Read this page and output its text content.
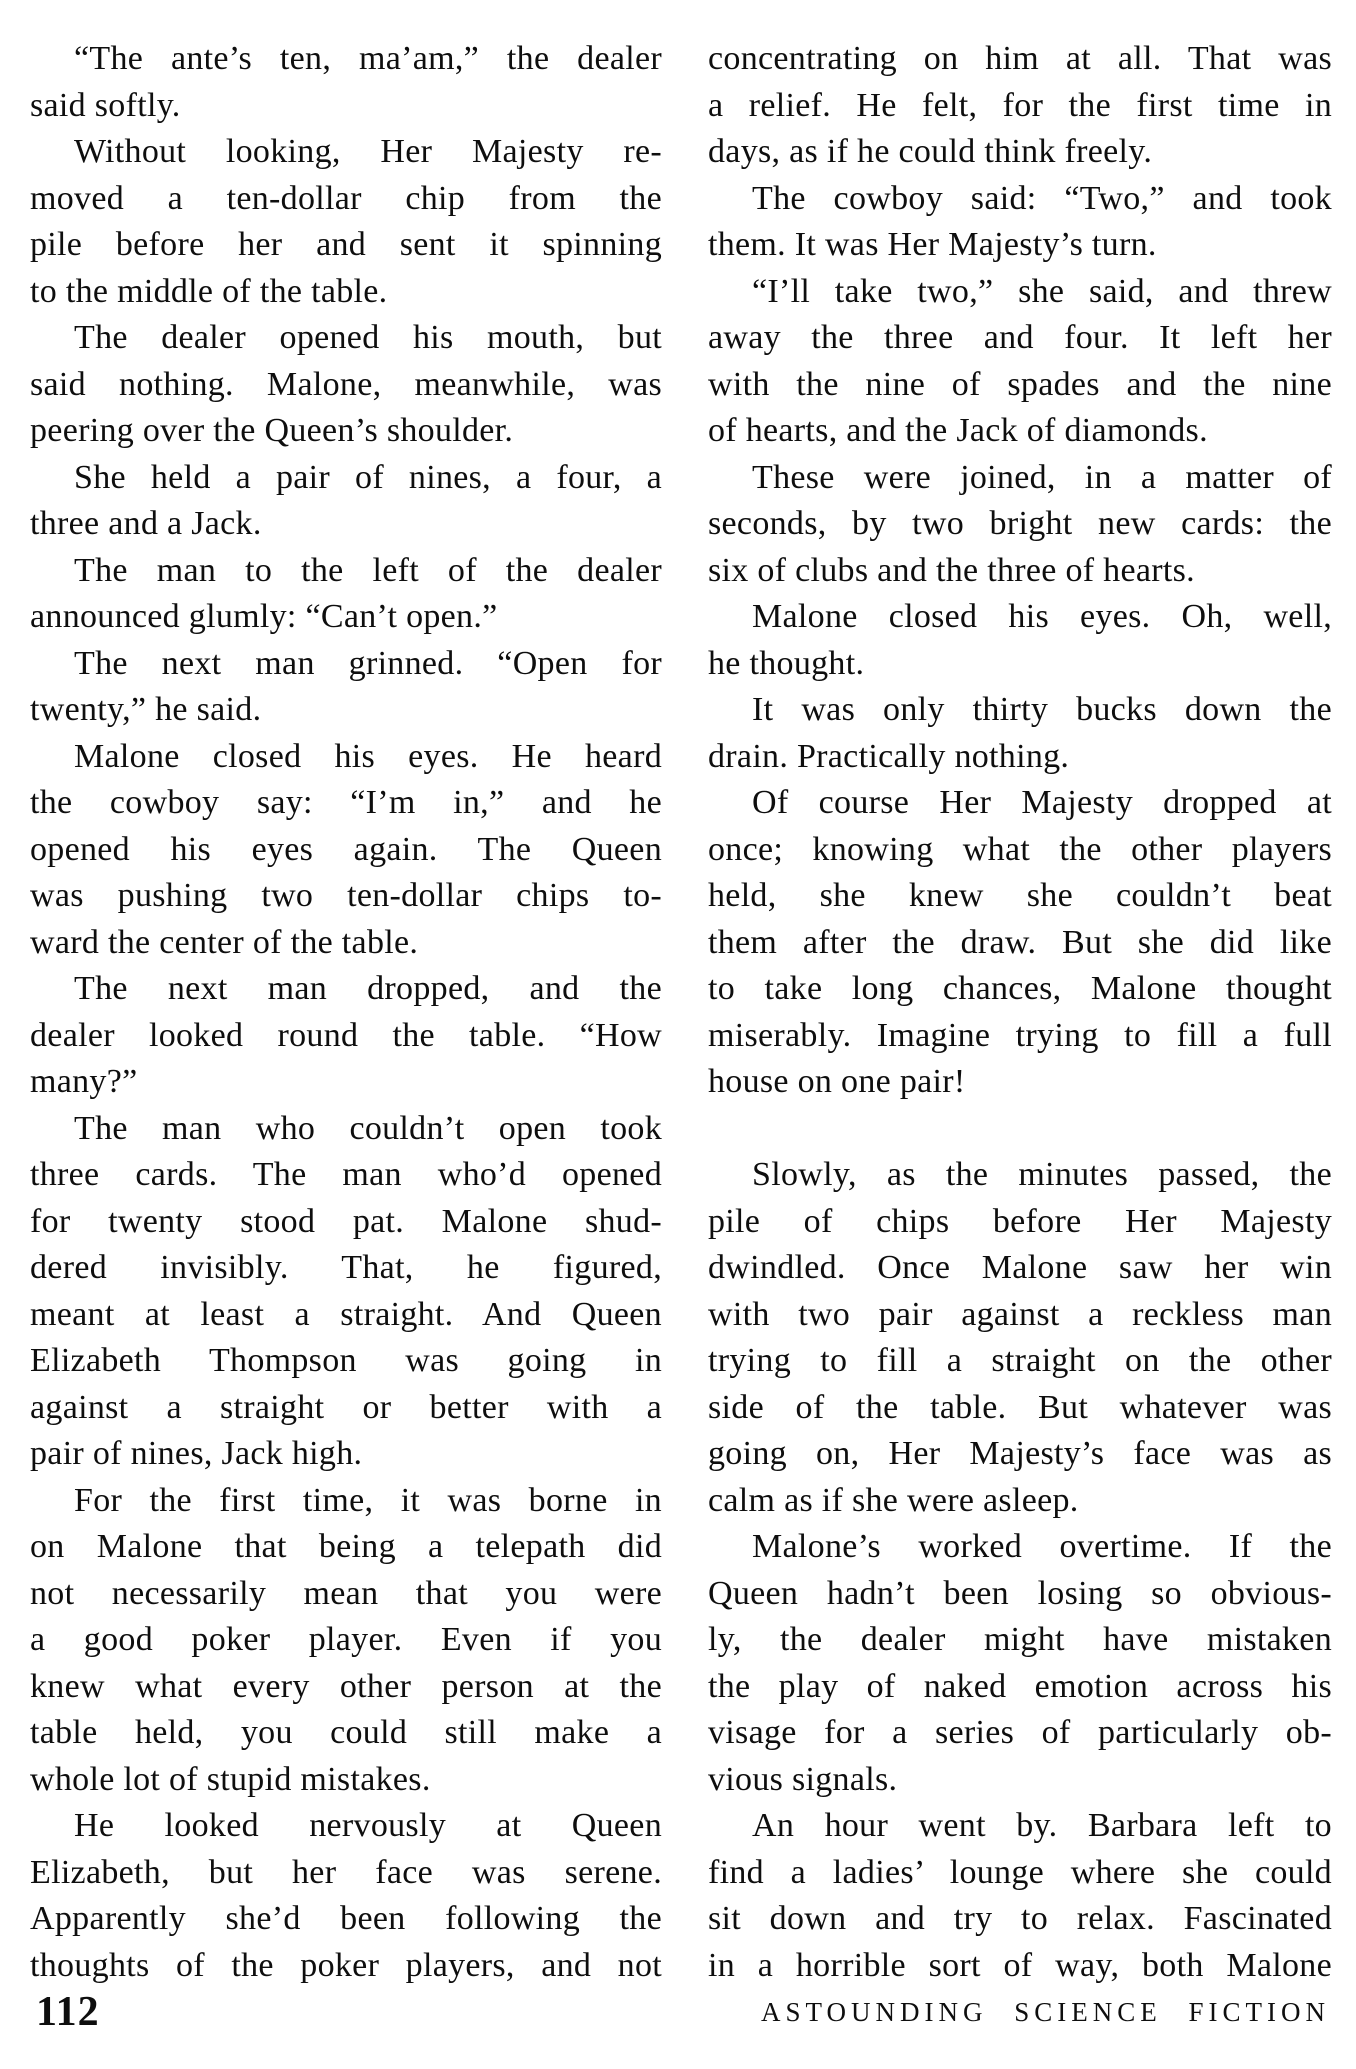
“The ante’s ten, ma’am,” the dealer
said softly.
Without looking, Her Majesty re-
moved a ten-dollar chip from the
pile before her and sent it spinning
to the middle of the table.
The dealer opened his mouth, but
said nothing. Malone, meanwhile, was
peering over the Queen’s shoulder.
She held a pair of nines, a four, a
three and a Jack.
The man to the left of the dealer
announced glumly: “Can’t open.”
The next man grinned. “Open for
twenty,” he said.
Malone closed his eyes. He heard
the cowboy say: “I’m in,” and he
opened his eyes again. The Queen
was pushing two ten-dollar chips to-
ward the center of the table.
The next man dropped, and the
dealer looked round the table. “How
many?”
The man who couldn’t open took
three cards. The man who’d opened
for twenty stood pat. Malone shud-
dered invisibly. That, he figured,
meant at least a straight. And Queen
Elizabeth Thompson was going in
against a straight or better with a
pair of nines, Jack high.
For the first time, it was borne in
on Malone that being a telepath did
not necessarily mean that you were
a good poker player. Even if you
knew what every other person at the
table held, you could still make a
whole lot of stupid mistakes.
He looked nervously at Queen
Elizabeth, but her face was serene.
Apparently she’d been following the
thoughts of the poker players, and not
concentrating on him at all. That was
a relief. He felt, for the first time in
days, as if he could think freely.
The cowboy said: “Two,” and took
them. It was Her Majesty’s turn.
“I’ll take two,” she said, and threw
away the three and four. It left her
with the nine of spades and the nine
of hearts, and the Jack of diamonds.
These were joined, in a matter of
seconds, by two bright new cards: the
six of clubs and the three of hearts.
Malone closed his eyes. Oh, well,
he thought.
It was only thirty bucks down the
drain. Practically nothing.
Of course Her Majesty dropped at
once; knowing what the other players
held, she knew she couldn’t beat
them after the draw. But she did like
to take long chances, Malone thought
miserably. Imagine trying to fill a full
house on one pair!
Slowly, as the minutes passed, the
pile of chips before Her Majesty
dwindled. Once Malone saw her win
with two pair against a reckless man
trying to fill a straight on the other
side of the table. But whatever was
going on, Her Majesty’s face was as
calm as if she were asleep.
Malone’s worked overtime. If the
Queen hadn’t been losing so obvious-
ly, the dealer might have mistaken
the play of naked emotion across his
visage for a series of particularly ob-
vious signals.
An hour went by. Barbara left to
find a ladies’ lounge where she could
sit down and try to relax. Fascinated
in a horrible sort of way, both Malone
112	ASTOUNDING SCIENCE FICTION
